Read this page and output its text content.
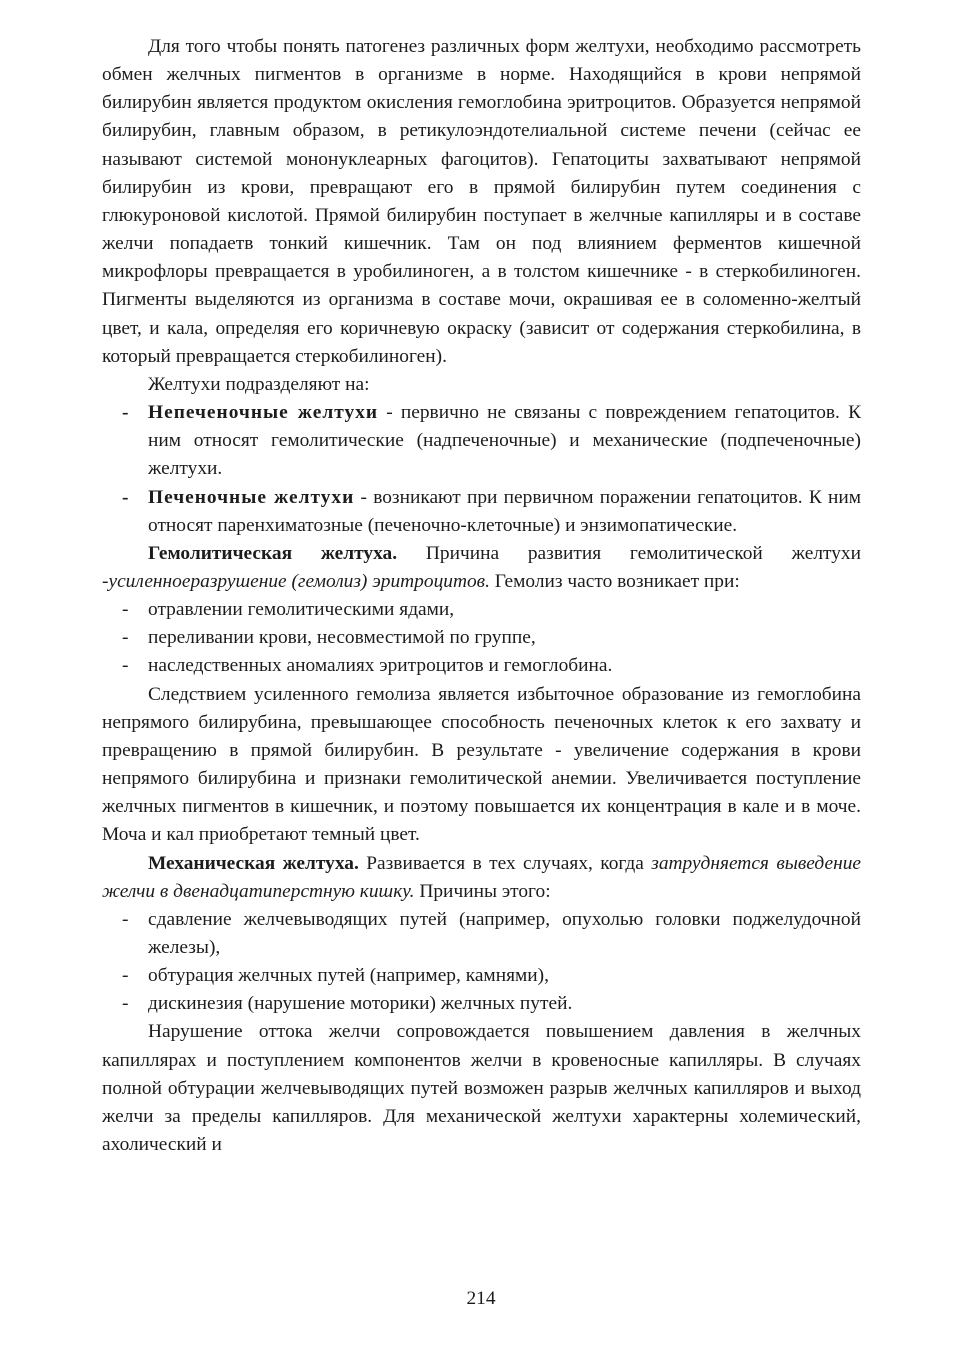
Для того чтобы понять патогенез различных форм желтухи, необходимо рассмотреть обмен желчных пигментов в организме в норме. Находящийся в крови непрямой билирубин является продуктом окисления гемоглобина эритроцитов. Образуется непрямой билирубин, главным образом, в ретикулоэндотелиальной системе печени (сейчас ее называют системой мононуклеарных фагоцитов). Гепатоциты захватывают непрямой билирубин из крови, превращают его в прямой билирубин путем соединения с глюкуроновой кислотой. Прямой билирубин поступает в желчные капилляры и в составе желчи попадаетв тонкий кишечник. Там он под влиянием ферментов кишечной микрофлоры превращается в уробилиноген, а в толстом кишечнике - в стеркобилиноген. Пигменты выделяются из организма в составе мочи, окрашивая ее в соломенно-желтый цвет, и кала, определяя его коричневую окраску (зависит от содержания стеркобилина, в который превращается стеркобилиноген).

Желтухи подразделяют на:

-	Непеченочные желтухи - первично не связаны с повреждением гепатоцитов. К ним относят гемолитические (надпеченочные) и механические (подпеченочные) желтухи.
-	Печеночные желтухи - возникают при первичном поражении гепатоцитов. К ним относят паренхиматозные (печеночно-клеточные) и энзимопатические.

Гемолитическая желтуха. Причина развития гемолитической желтухи -усиленноеразрушение (гемолиз) эритроцитов. Гемолиз часто возникает при:

-	отравлении гемолитическими ядами,
-	переливании крови, несовместимой по группе,
-	наследственных аномалиях эритроцитов и гемоглобина.

Следствием усиленного гемолиза является избыточное образование из гемоглобина непрямого билирубина, превышающее способность печеночных клеток к его захвату и превращению в прямой билирубин. В результате - увеличение содержания в крови непрямого билирубина и признаки гемолитической анемии. Увеличивается поступление желчных пигментов в кишечник, и поэтому повышается их концентрация в кале и в моче. Моча и кал приобретают темный цвет.

Механическая желтуха. Развивается в тех случаях, когда затрудняется выведение желчи в двенадцатиперстную кишку. Причины этого:

-	сдавление желчевыводящих путей (например, опухолью головки поджелудочной железы),
-	обтурация желчных путей (например, камнями),
-	дискинезия (нарушение моторики) желчных путей.

Нарушение оттока желчи сопровождается повышением давления в желчных капиллярах и поступлением компонентов желчи в кровеносные капилляры. В случаях полной обтурации желчевыводящих путей возможен разрыв желчных капилляров и выход желчи за пределы капилляров. Для механической желтухи характерны холемический, ахолический и

214
